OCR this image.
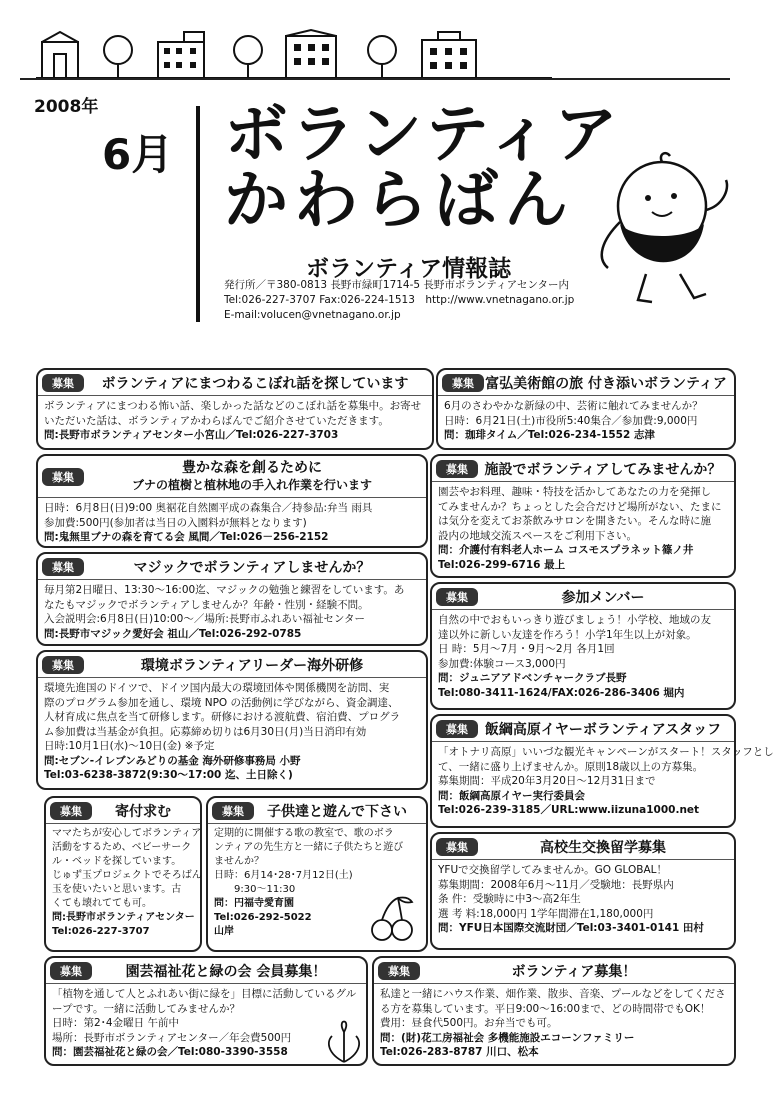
2008年
6月 ボランティア
かわらばん
ボランティア情報誌
発行所／〒380-0813 長野市緑町1714-5 長野市ボランティアセンター内
Tel:026-227-3707 Fax:026-224-1513　http://www.vnetnagano.or.jp
E-mail:volucen@vnetnagano.or.jp
募集	ボランティアにまつわるこぼれ話を探しています

ボランティアにまつわる怖い話、楽しかった話などのこぼれ話を募集中。お寄せ

いただいた話は、ボランティアかわらばんでご紹介させていただきます。

問:長野市ボランティアセンター小宮山／Tel:026-227-3703

募集 富弘美術館の旅 付き添いボランティア

6月のさわやかな新緑の中、芸術に触れてみませんか？

日時：6月21日(土)市役所5:40集合／参加費:9,000円

問：珈琲タイム／Tel:026-234-1552 志津

募集
豊かな森を創るために
ブナの植樹と植林地の手入れ作業を行います

日時：6月8日(日)9:00 奥裾花自然園平成の森集合／持参品:弁当 雨具

参加費:500円(参加者は当日の入園料が無料となります)

問:鬼無里ブナの森を育てる会 風間／Tel:026－256-2152

募集	施設でボランティアしてみませんか？

園芸やお料理、趣味・特技を活かしてあなたの力を発揮し

てみませんか？ちょっとした会合だけど場所がない、たまに

は気分を変えてお茶飲みサロンを開きたい。そんな時に施

設内の地域交流スペースをご利用下さい。

問：介護付有料老人ホーム コスモスプラネット篠ノ井

Tel:026-299-6716 最上

募集	マジックでボランティアしませんか？

毎月第2日曜日、13:30～16:00迄、マジックの勉強と練習をしています。あ

なたもマジックでボランティアしませんか？年齢・性別・経験不問。

入会説明会:6月8日(日)10:00～／場所:長野市ふれあい福祉センター

問:長野市マジック愛好会 祖山／Tel:026-292-0785

募集	参加メンバー

自然の中でおもいっきり遊びましょう！小学校、地域の友

達以外に新しい友達を作ろう！小学1年生以上が対象。

日 時：5月～7月・9月～2月 各月1回

参加費:体験コース3,000円

問：ジュニアアドベンチャークラブ長野

Tel:080-3411-1624/FAX:026-286-3406 堀内

募集	環境ボランティアリーダー海外研修

環境先進国のドイツで、ドイツ国内最大の環境団体や関係機関を訪問、実

際のプログラム参加を通し、環境 NPO の活動例に学びながら、資金調達、

人材育成に焦点を当て研修します。研修における渡航費、宿泊費、プログラ

ム参加費は当基金が負担。応募締め切りは6月30日(月)当日消印有効

日時:10月1日(水)～10日(金) ※予定

問:セブン-イレブンみどりの基金 海外研修事務局 小野

Tel:03-6238-3872(9:30～17:00 迄、土日除く)

募集	飯綱高原イヤーボランティアスタッフ

「オトナリ高原」いいづな観光キャンペーンがスタート！スタッフとし

て、一緒に盛り上げませんか。原則18歳以上の方募集。

募集期間：平成20年3月20日～12月31日まで

問：飯綱高原イヤー実行委員会

Tel:026-239-3185／URL:www.iizuna1000.net

募集	寄付求む

ママたちが安心してボランティア

活動をするため、ベビーサーク

ル・ベッドを探しています。

じゅず玉プロジェクトでそろばん

玉を使いたいと思います。古

くても壊れてても可。

問:長野市ボランティアセンター

Tel:026-227-3707

募集	子供達と遊んで下さい

定期的に開催する歌の教室で、歌のボラ

ンティアの先生方と一緒に子供たちと遊び

ませんか？

日時：6月14･28･7月12日(土)

　　9:30～11:30

問：円福寺愛育園

Tel:026-292-5022

山岸

募集	高校生交換留学募集

YFUで交換留学してみませんか。GO GLOBAL！

募集期間：2008年6月～11月／受験地：長野県内

条 件：受験時に中3～高2年生

選 考 料:18,000円 1学年間滞在1,180,000円

問：YFU日本国際交流財団／Tel:03-3401-0141 田村

募集	園芸福祉花と緑の会 会員募集！

「植物を通して人とふれあい街に緑を」目標に活動しているグル

ープです。一緒に活動してみませんか？

日時：第2･4金曜日 午前中

場所：長野市ボランティアセンター／年会費500円

問：園芸福祉花と緑の会／Tel:080-3390-3558

募集	ボランティア募集！

私達と一緒にハウス作業、畑作業、散歩、音楽、プールなどをしてくださ

る方を募集しています。平日9:00～16:00まで、どの時間帯でもOK！

費用：昼食代500円。お弁当でも可。

問：(財)花工房福祉会 多機能施設エコーンファミリー

Tel:026-283-8787 川口、松本
